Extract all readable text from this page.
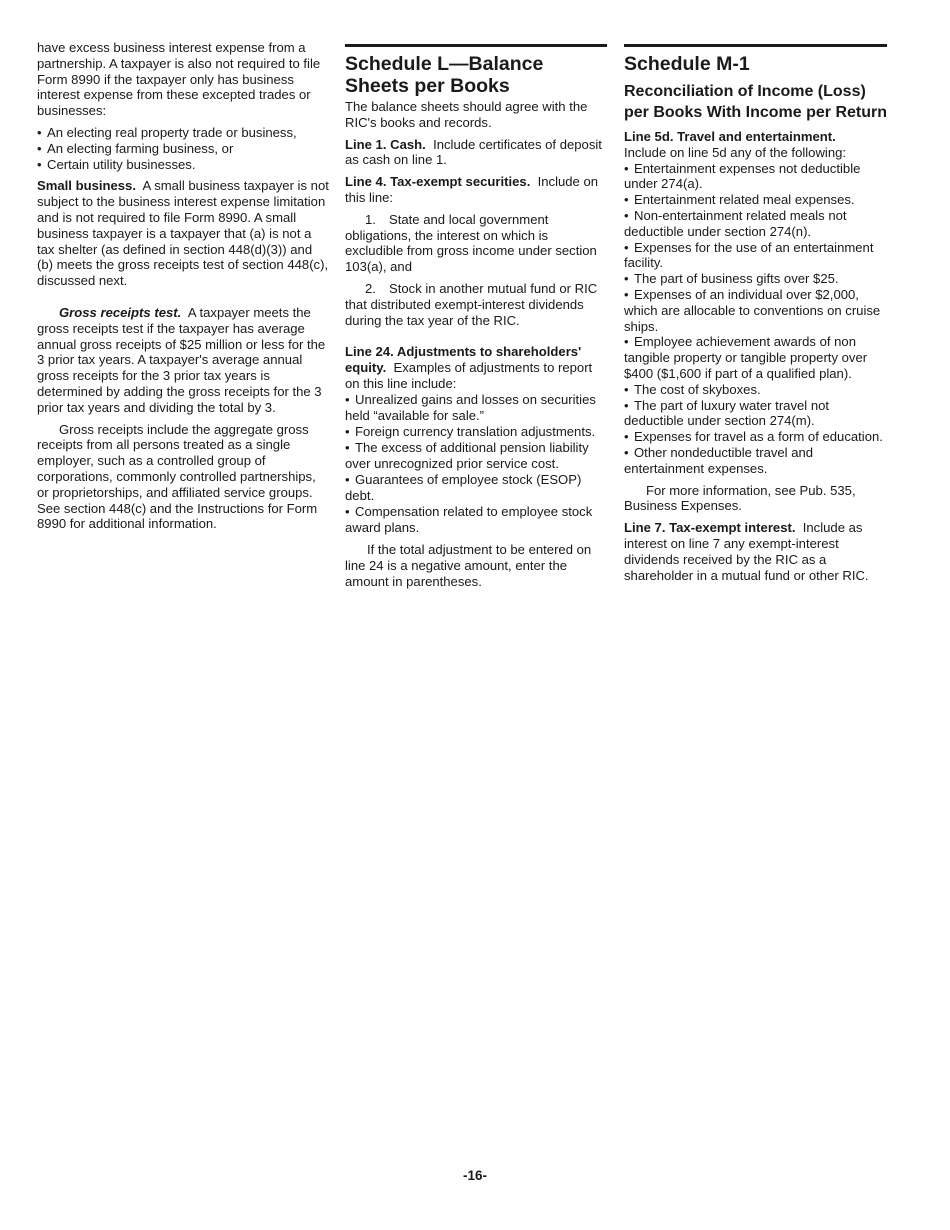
have excess business interest expense from a partnership. A taxpayer is also not required to file Form 8990 if the taxpayer only has business interest expense from these excepted trades or businesses:

• An electing real property trade or business,
• An electing farming business, or
• Certain utility businesses.

Small business. A small business taxpayer is not subject to the business interest expense limitation and is not required to file Form 8990. A small business taxpayer is a taxpayer that (a) is not a tax shelter (as defined in section 448(d)(3)) and (b) meets the gross receipts test of section 448(c), discussed next.

Gross receipts test. A taxpayer meets the gross receipts test if the taxpayer has average annual gross receipts of $25 million or less for the 3 prior tax years. A taxpayer's average annual gross receipts for the 3 prior tax years is determined by adding the gross receipts for the 3 prior tax years and dividing the total by 3.

Gross receipts include the aggregate gross receipts from all persons treated as a single employer, such as a controlled group of corporations, commonly controlled partnerships, or proprietorships, and affiliated service groups. See section 448(c) and the Instructions for Form 8990 for additional information.

Schedule L—Balance Sheets per Books

The balance sheets should agree with the RIC's books and records.

Line 1. Cash. Include certificates of deposit as cash on line 1.

Line 4. Tax-exempt securities. Include on this line:

1. State and local government obligations, the interest on which is excludible from gross income under section 103(a), and

2. Stock in another mutual fund or RIC that distributed exempt-interest dividends during the tax year of the RIC.

Line 24. Adjustments to shareholders' equity. Examples of adjustments to report on this line include:

• Unrealized gains and losses on securities held “available for sale.”
• Foreign currency translation adjustments.
• The excess of additional pension liability over unrecognized prior service cost.
• Guarantees of employee stock (ESOP) debt.
• Compensation related to employee stock award plans.

If the total adjustment to be entered on line 24 is a negative amount, enter the amount in parentheses.

Schedule M-1
Reconciliation of Income (Loss) per Books With Income per Return

Line 5d. Travel and entertainment.
Include on line 5d any of the following:

• Entertainment expenses not deductible under 274(a).
• Entertainment related meal expenses.
• Non-entertainment related meals not deductible under section 274(n).
• Expenses for the use of an entertainment facility.
• The part of business gifts over $25.
• Expenses of an individual over $2,000, which are allocable to conventions on cruise ships.
• Employee achievement awards of non tangible property or tangible property over $400 ($1,600 if part of a qualified plan).
• The cost of skyboxes.
• The part of luxury water travel not deductible under section 274(m).
• Expenses for travel as a form of education.
• Other nondeductible travel and entertainment expenses.

For more information, see Pub. 535, Business Expenses.

Line 7. Tax-exempt interest. Include as interest on line 7 any exempt-interest dividends received by the RIC as a shareholder in a mutual fund or other RIC.

-16-
